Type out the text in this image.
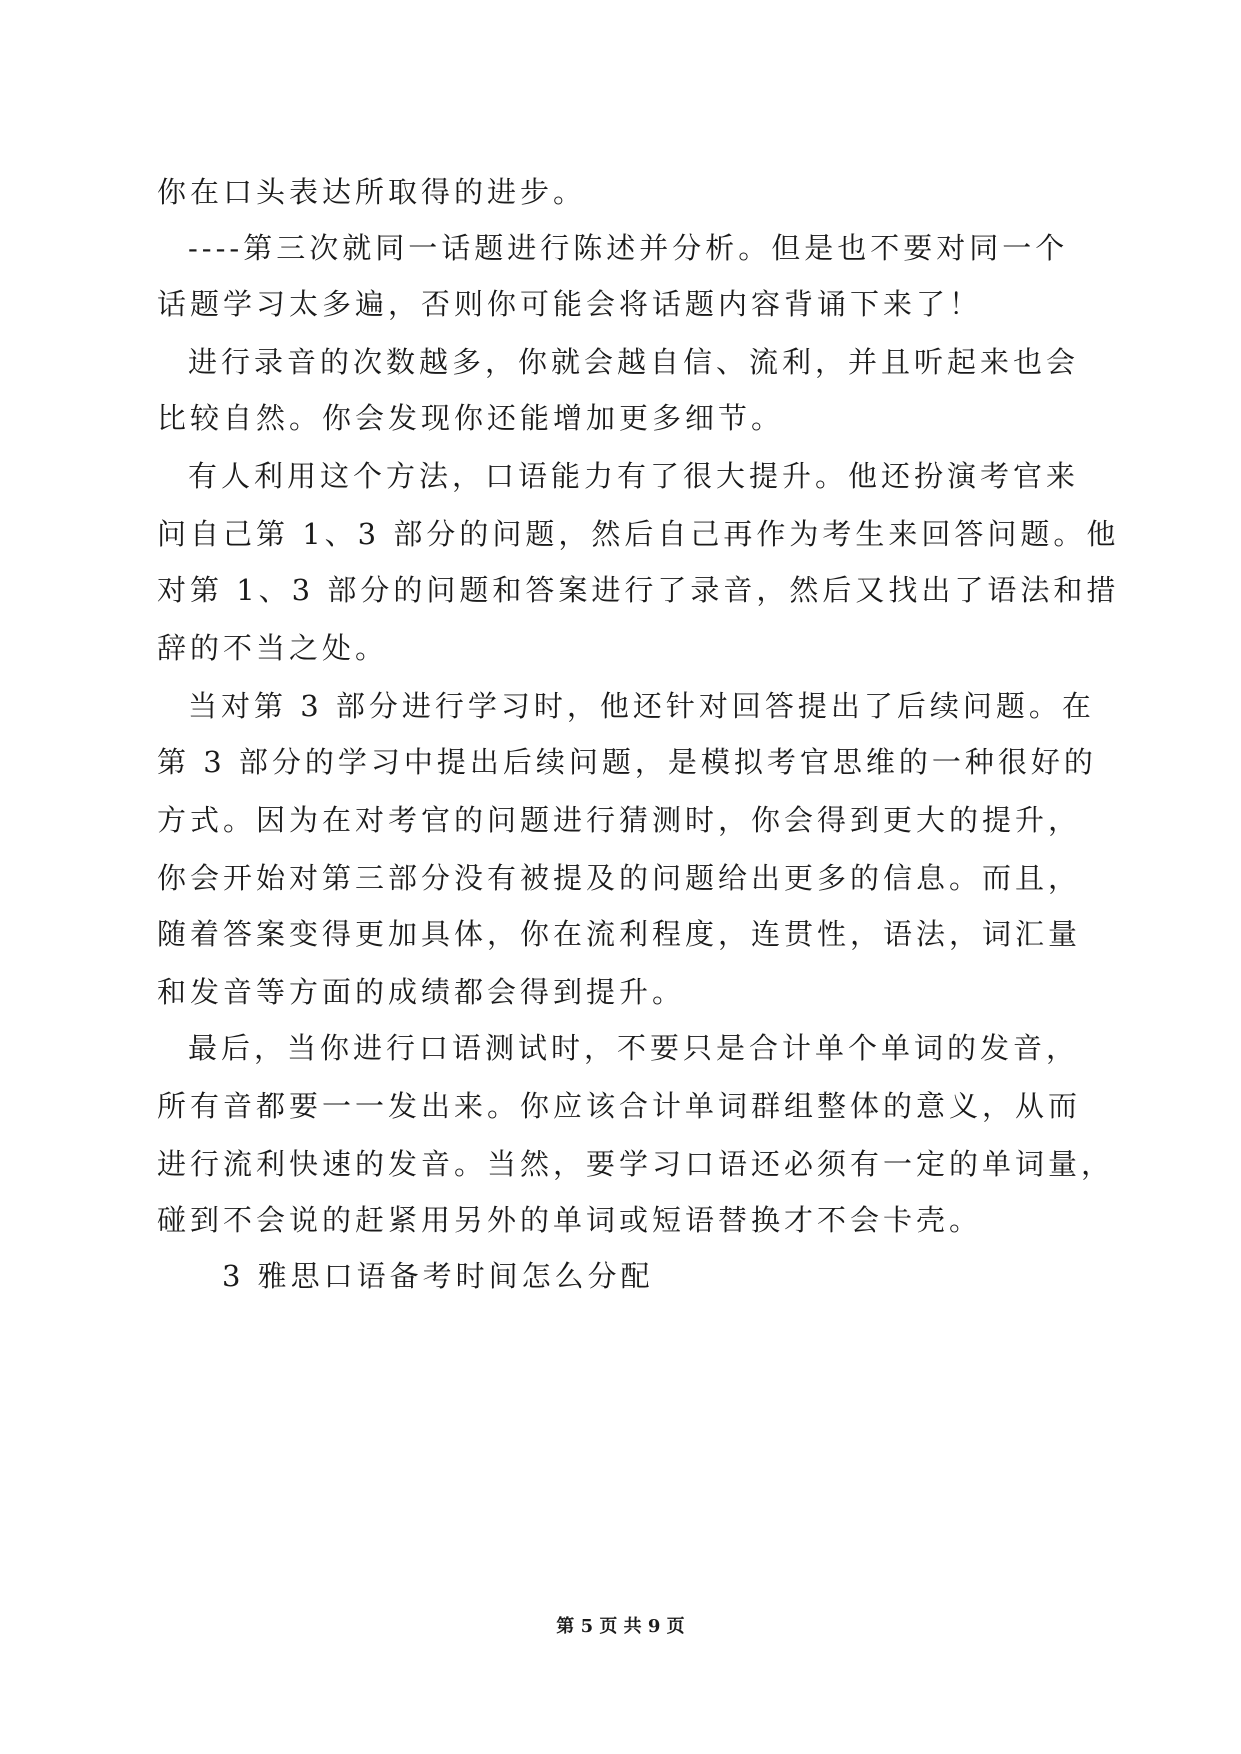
你在口头表达所取得的进步。
----第三次就同一话题进行陈述并分析。但是也不要对同一个
话题学习太多遍，否则你可能会将话题内容背诵下来了！
进行录音的次数越多，你就会越自信、流利，并且听起来也会
比较自然。你会发现你还能增加更多细节。
有人利用这个方法，口语能力有了很大提升。他还扮演考官来
问自己第 1、3 部分的问题，然后自己再作为考生来回答问题。他
对第 1、3 部分的问题和答案进行了录音，然后又找出了语法和措
辞的不当之处。
当对第 3 部分进行学习时，他还针对回答提出了后续问题。在
第 3 部分的学习中提出后续问题，是模拟考官思维的一种很好的
方式。因为在对考官的问题进行猜测时，你会得到更大的提升，
你会开始对第三部分没有被提及的问题给出更多的信息。而且，
随着答案变得更加具体，你在流利程度，连贯性，语法，词汇量
和发音等方面的成绩都会得到提升。
最后，当你进行口语测试时，不要只是合计单个单词的发音，
所有音都要一一发出来。你应该合计单词群组整体的意义，从而
进行流利快速的发音。当然，要学习口语还必须有一定的单词量，
碰到不会说的赶紧用另外的单词或短语替换才不会卡壳。
3 雅思口语备考时间怎么分配
第 5 页 共 9 页
